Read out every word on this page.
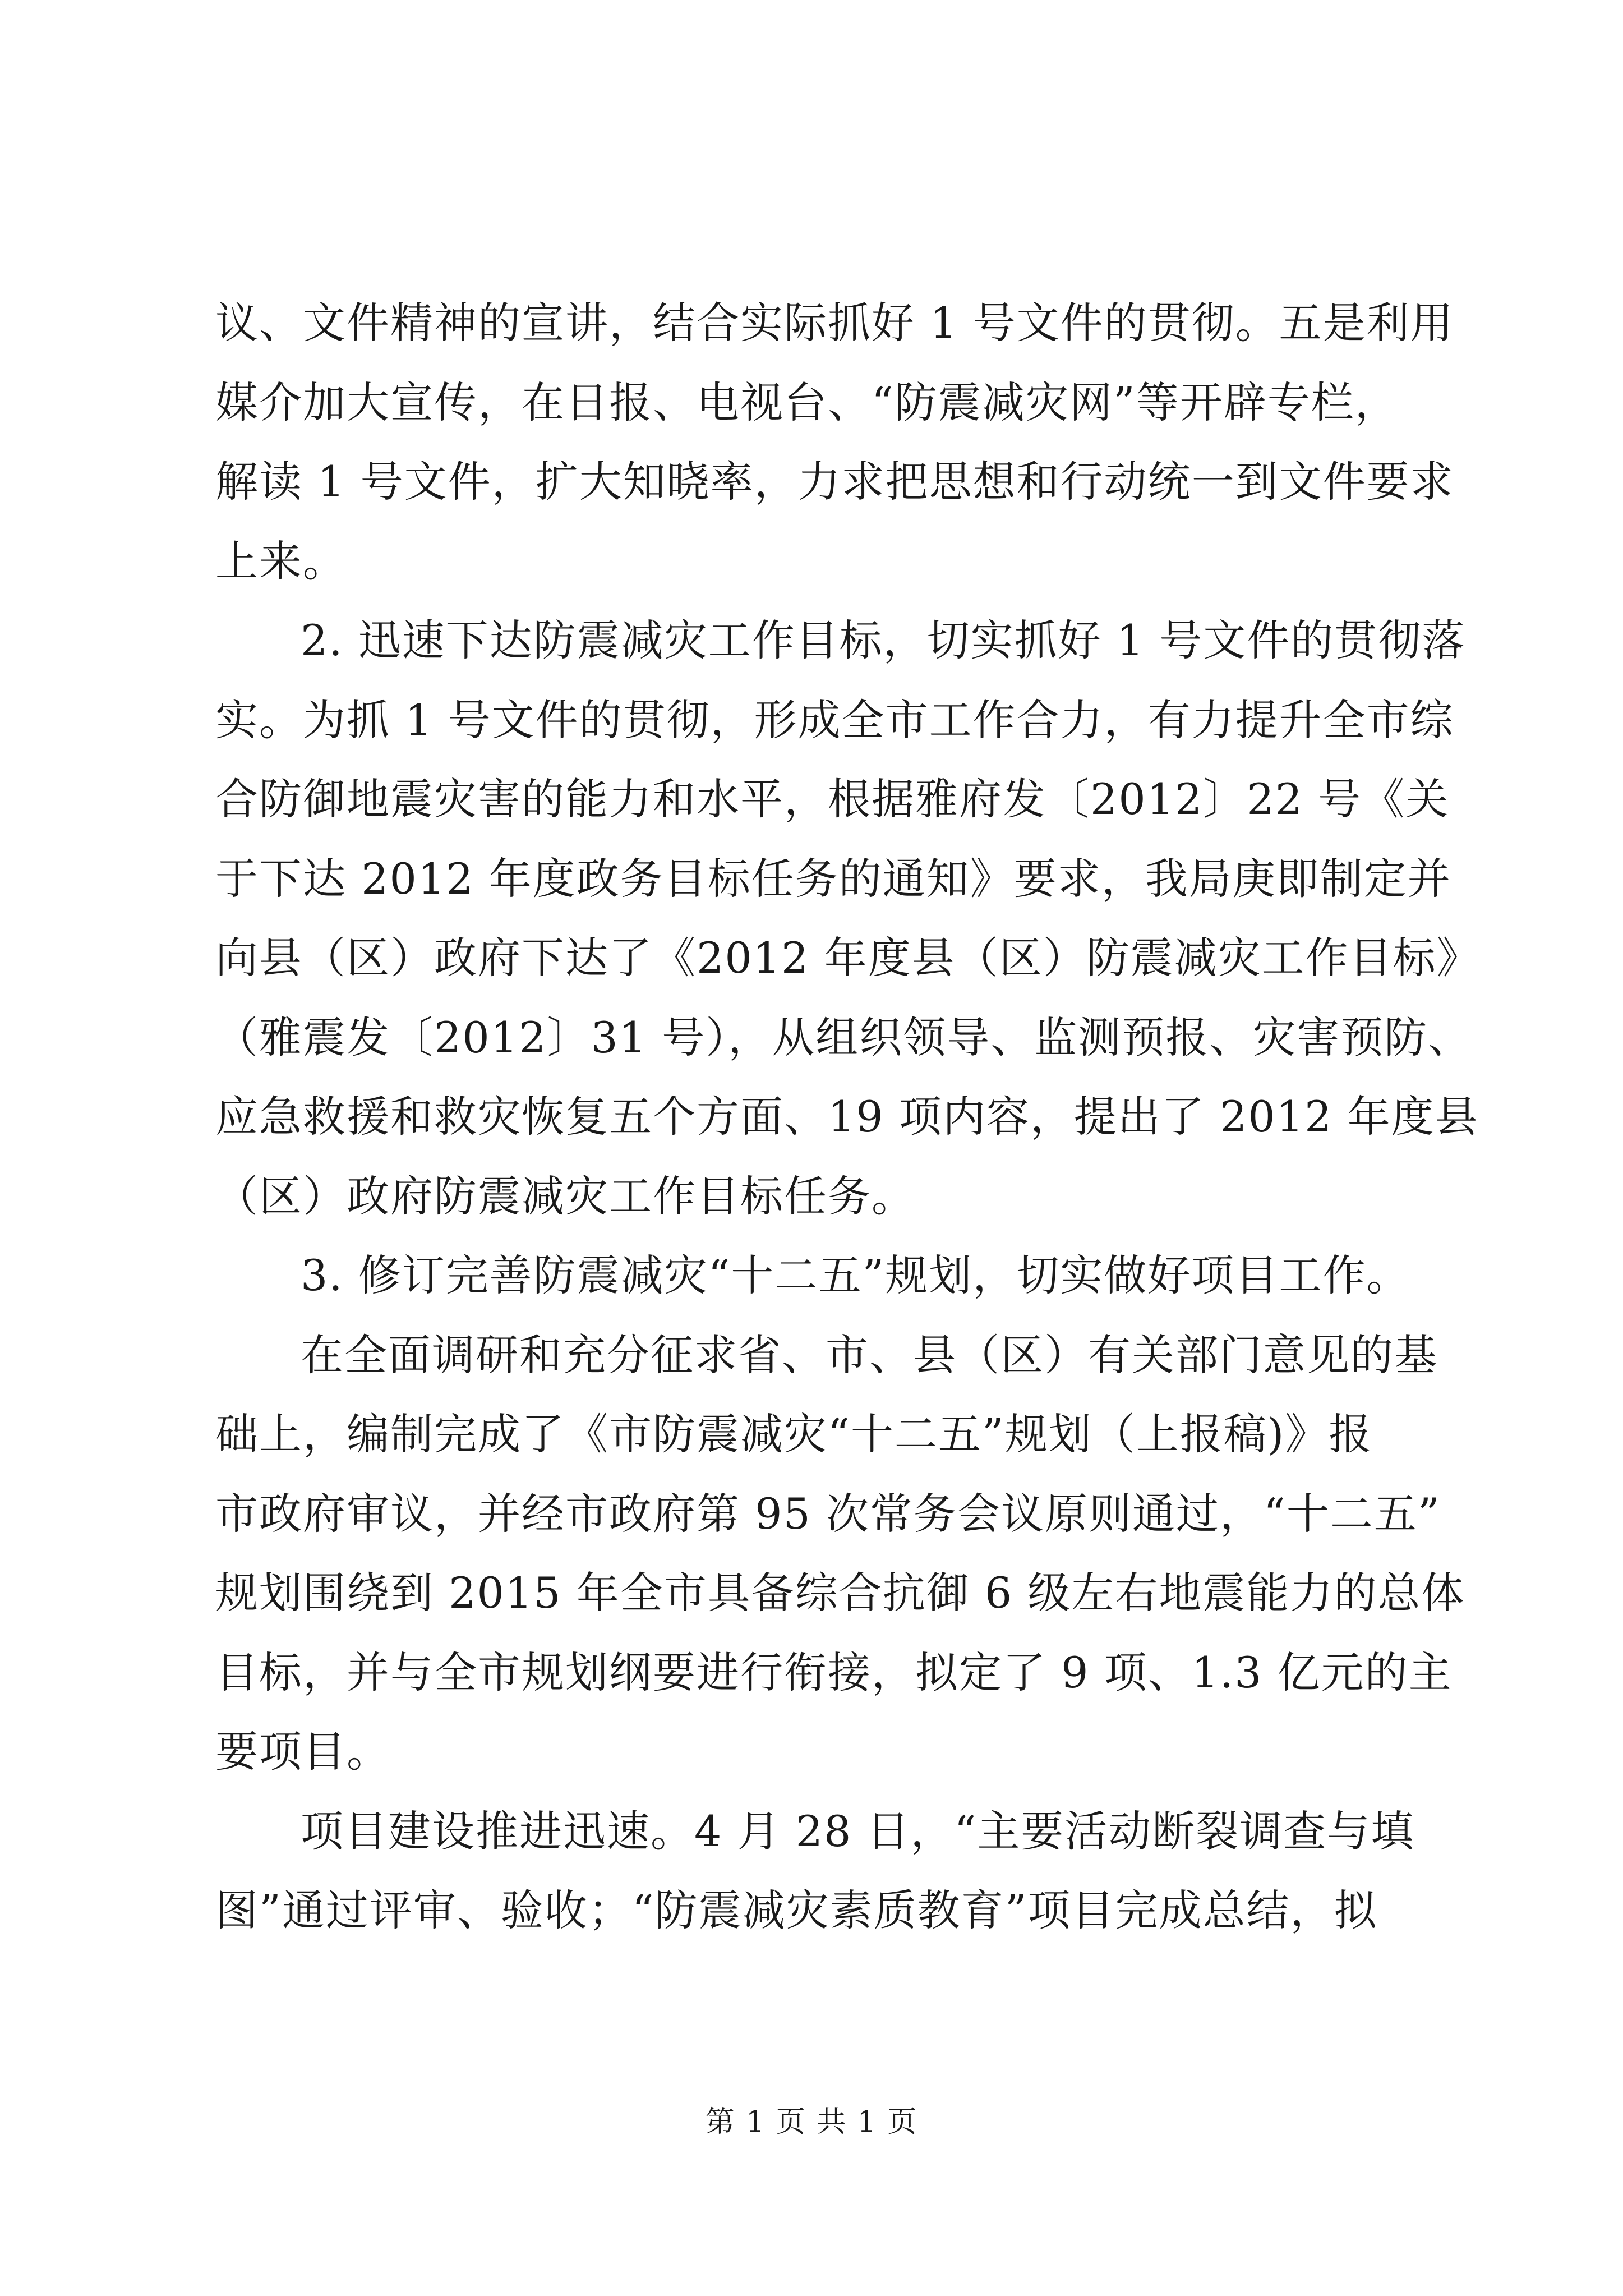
议、文件精神的宣讲，结合实际抓好 1 号文件的贯彻。五是利用
媒介加大宣传，在日报、电视台、“防震减灾网”等开辟专栏，
解读 1 号文件，扩大知晓率，力求把思想和行动统一到文件要求
上来。
2. 迅速下达防震减灾工作目标，切实抓好 1 号文件的贯彻落
实。为抓 1 号文件的贯彻，形成全市工作合力，有力提升全市综
合防御地震灾害的能力和水平，根据雅府发〔2012〕22 号《关
于下达 2012 年度政务目标任务的通知》要求，我局庚即制定并
向县（区）政府下达了《2012 年度县（区）防震减灾工作目标》
（雅震发〔2012〕31 号），从组织领导、监测预报、灾害预防、
应急救援和救灾恢复五个方面、19 项内容，提出了 2012 年度县
（区）政府防震减灾工作目标任务。
3. 修订完善防震减灾“十二五”规划，切实做好项目工作。
在全面调研和充分征求省、市、县（区）有关部门意见的基
础上，编制完成了《市防震减灾“十二五”规划（上报稿)》报
市政府审议，并经市政府第 95 次常务会议原则通过，“十二五”
规划围绕到 2015 年全市具备综合抗御 6 级左右地震能力的总体
目标，并与全市规划纲要进行衔接，拟定了 9 项、1.3 亿元的主
要项目。
项目建设推进迅速。4 月 28 日，“主要活动断裂调查与填
图”通过评审、验收；“防震减灾素质教育”项目完成总结，拟

第 1 页 共 1 页
